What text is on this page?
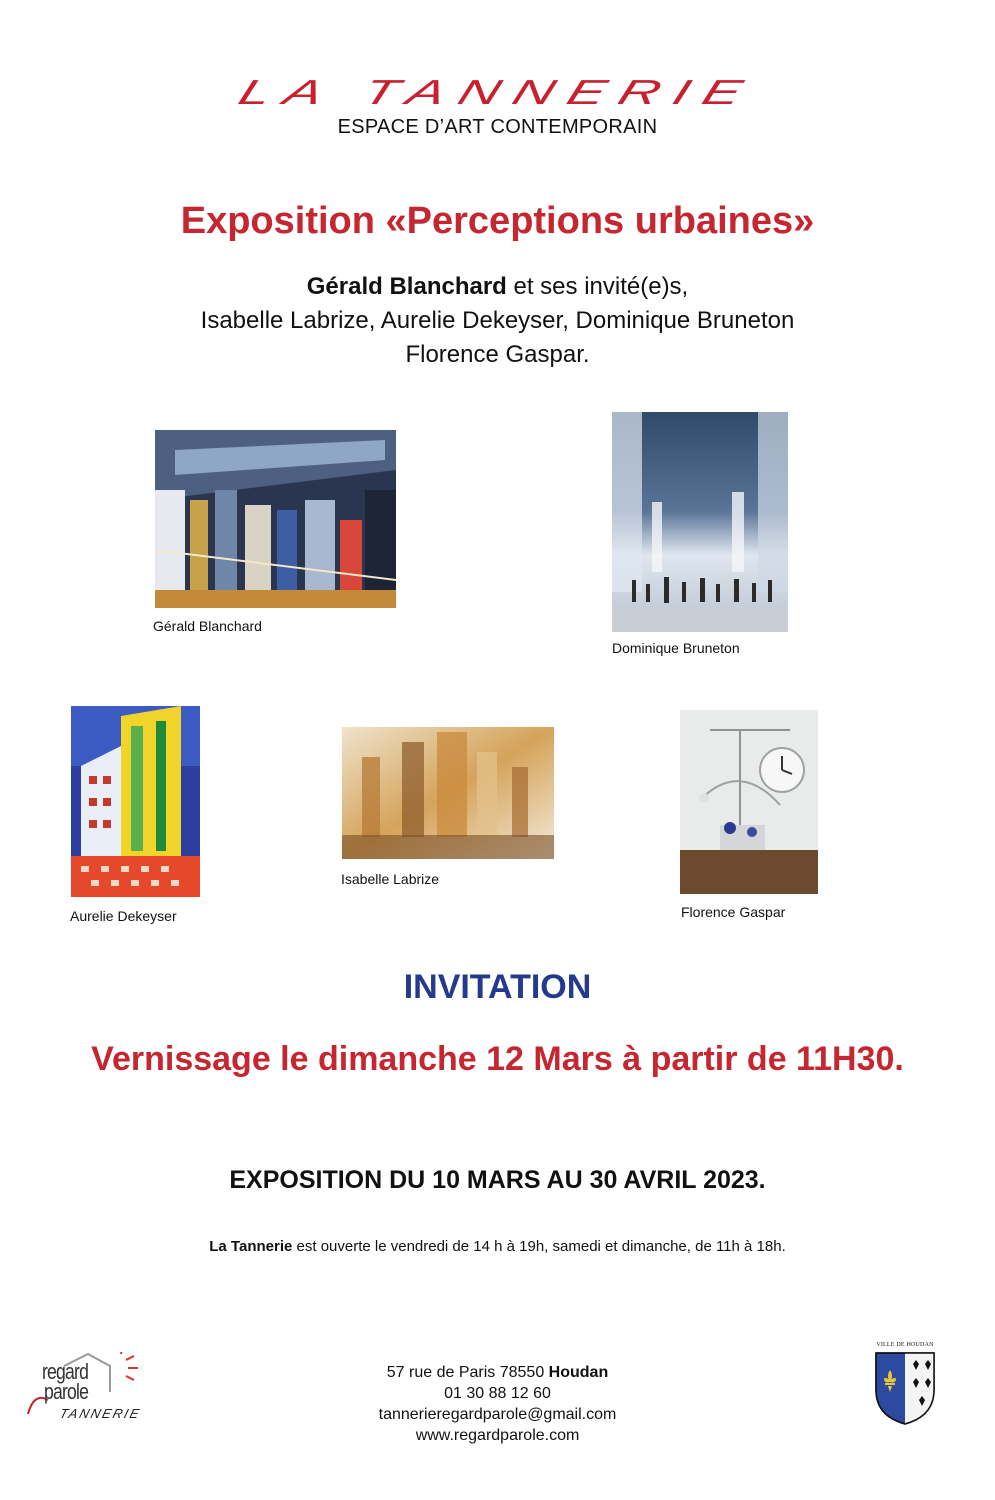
LA TANNERIE
ESPACE D’ART CONTEMPORAIN
Exposition «Perceptions urbaines»
Gérald Blanchard et ses invité(e)s,
Isabelle Labrize, Aurelie Dekeyser, Dominique Bruneton
Florence Gaspar.
Gérald Blanchard
Dominique Bruneton
Aurelie Dekeyser
Isabelle Labrize
Florence Gaspar
INVITATION
Vernissage le dimanche 12 Mars à partir de 11H30.
EXPOSITION DU 10 MARS AU 30 AVRIL 2023.
La Tannerie est ouverte le vendredi de 14 h à 19h, samedi et dimanche, de 11h à 18h.
57 rue de Paris 78550 Houdan
01 30 88 12 60
tannerieregardparole@gmail.com
www.regardparole.com
regard
parole
TANNERIE
VILLE DE HOUDAN
